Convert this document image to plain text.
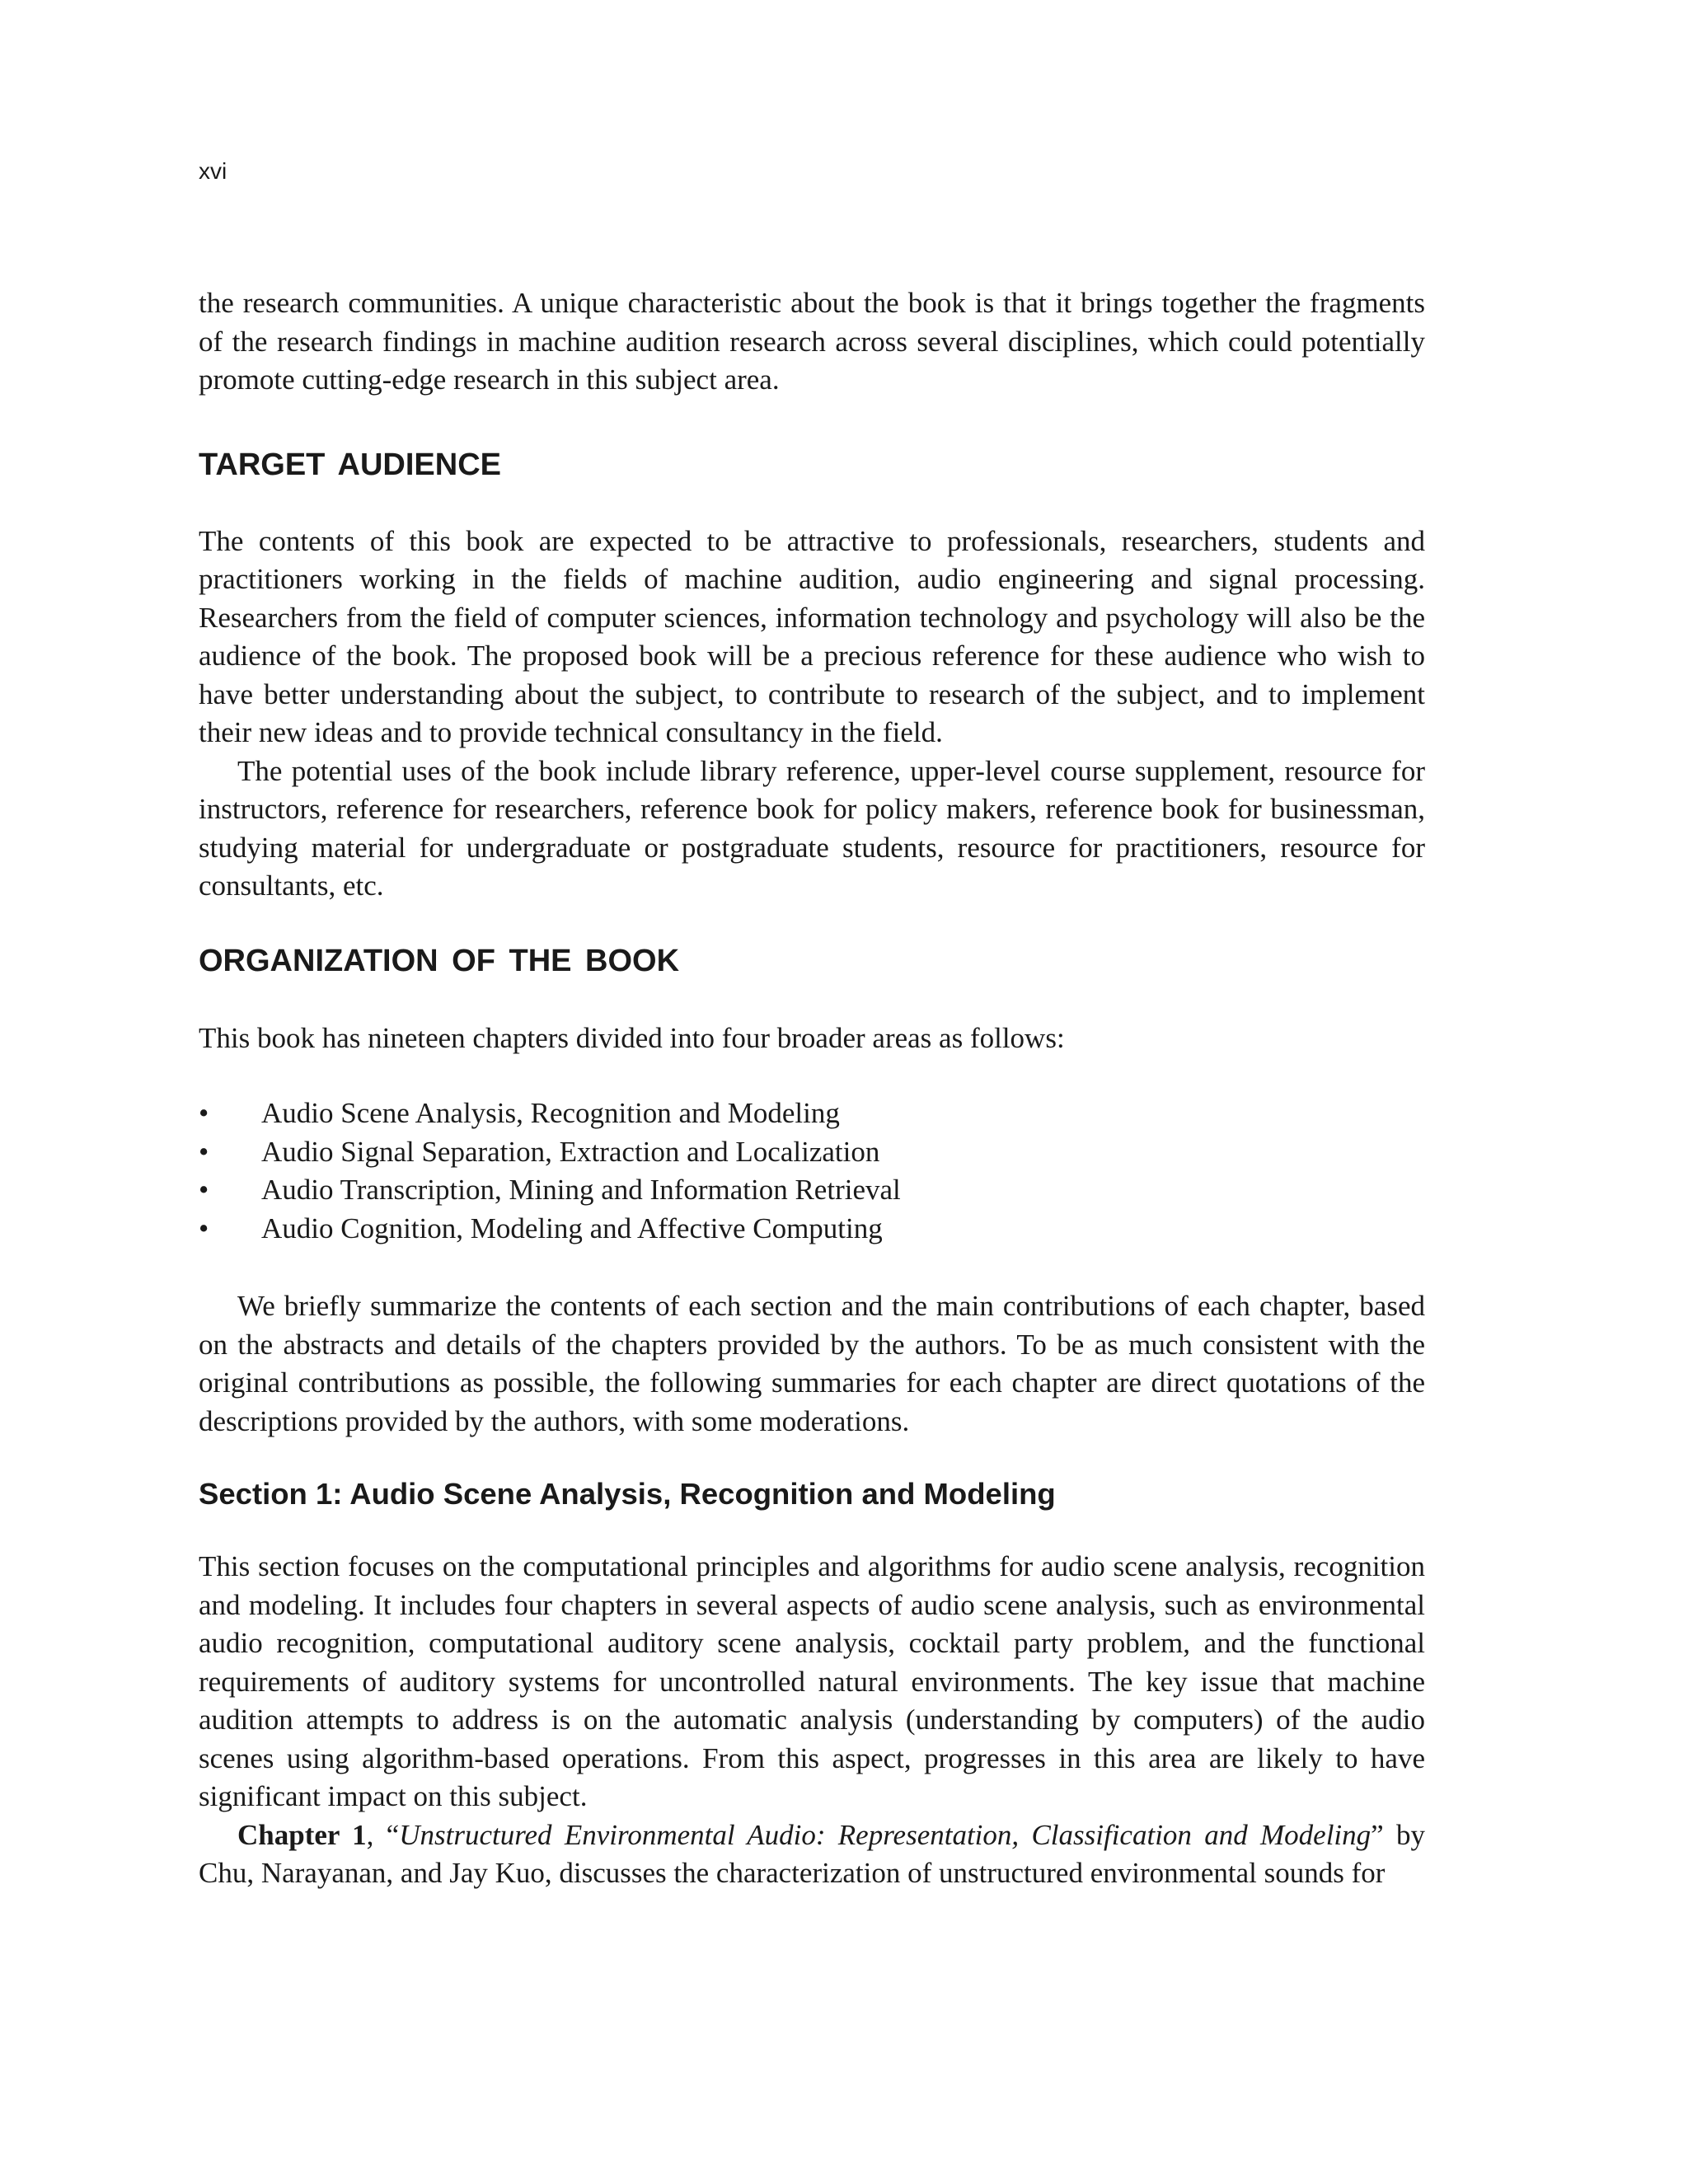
xvi

the research communities. A unique characteristic about the book is that it brings together the fragments of the research findings in machine audition research across several disciplines, which could potentially promote cutting-edge research in this subject area.

TARGET AUDIENCE

The contents of this book are expected to be attractive to professionals, researchers, students and practitioners working in the fields of machine audition, audio engineering and signal processing. Researchers from the field of computer sciences, information technology and psychology will also be the audience of the book. The proposed book will be a precious reference for these audience who wish to have better understanding about the subject, to contribute to research of the subject, and to implement their new ideas and to provide technical consultancy in the field.

The potential uses of the book include library reference, upper-level course supplement, resource for instructors, reference for researchers, reference book for policy makers, reference book for businessman, studying material for undergraduate or postgraduate students, resource for practitioners, resource for consultants, etc.

ORGANIZATION OF THE BOOK

This book has nineteen chapters divided into four broader areas as follows:

• Audio Scene Analysis, Recognition and Modeling
• Audio Signal Separation, Extraction and Localization
• Audio Transcription, Mining and Information Retrieval
• Audio Cognition, Modeling and Affective Computing

We briefly summarize the contents of each section and the main contributions of each chapter, based on the abstracts and details of the chapters provided by the authors. To be as much consistent with the original contributions as possible, the following summaries for each chapter are direct quotations of the descriptions provided by the authors, with some moderations.

Section 1: Audio Scene Analysis, Recognition and Modeling

This section focuses on the computational principles and algorithms for audio scene analysis, recognition and modeling. It includes four chapters in several aspects of audio scene analysis, such as environmental audio recognition, computational auditory scene analysis, cocktail party problem, and the functional requirements of auditory systems for uncontrolled natural environments. The key issue that machine audition attempts to address is on the automatic analysis (understanding by computers) of the audio scenes using algorithm-based operations. From this aspect, progresses in this area are likely to have significant impact on this subject.

Chapter 1, “Unstructured Environmental Audio: Representation, Classification and Modeling” by Chu, Narayanan, and Jay Kuo, discusses the characterization of unstructured environmental sounds for
